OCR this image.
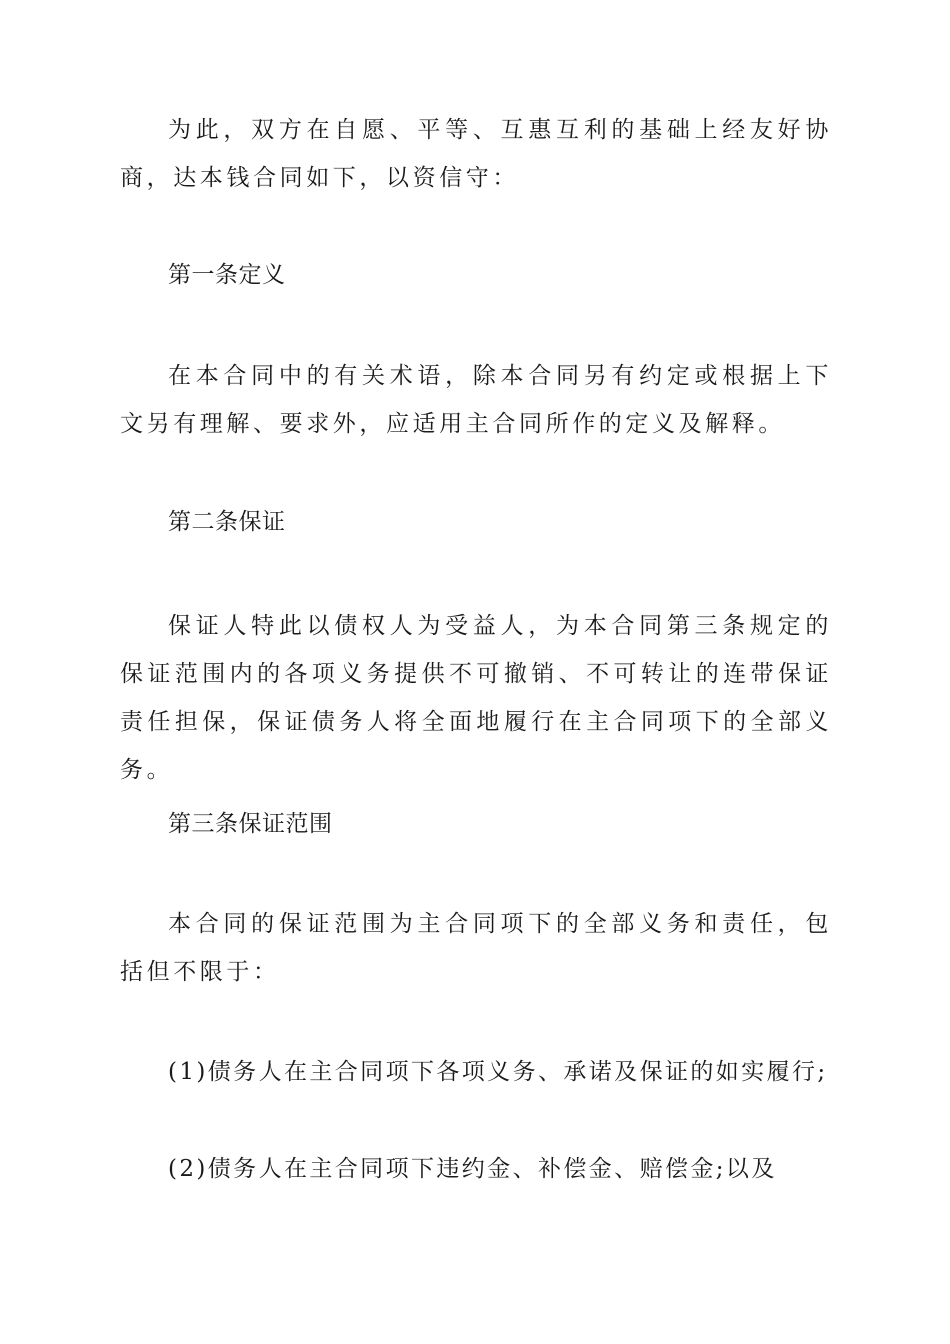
为此，双方在自愿、平等、互惠互利的基础上经友好协商，达本钱合同如下，以资信守：

第一条定义

在本合同中的有关术语，除本合同另有约定或根据上下文另有理解、要求外，应适用主合同所作的定义及解释。

第二条保证

保证人特此以债权人为受益人，为本合同第三条规定的保证范围内的各项义务提供不可撤销、不可转让的连带保证责任担保，保证债务人将全面地履行在主合同项下的全部义务。

第三条保证范围

本合同的保证范围为主合同项下的全部义务和责任，包括但不限于：

(1)债务人在主合同项下各项义务、承诺及保证的如实履行;

(2)债务人在主合同项下违约金、补偿金、赔偿金;以及
